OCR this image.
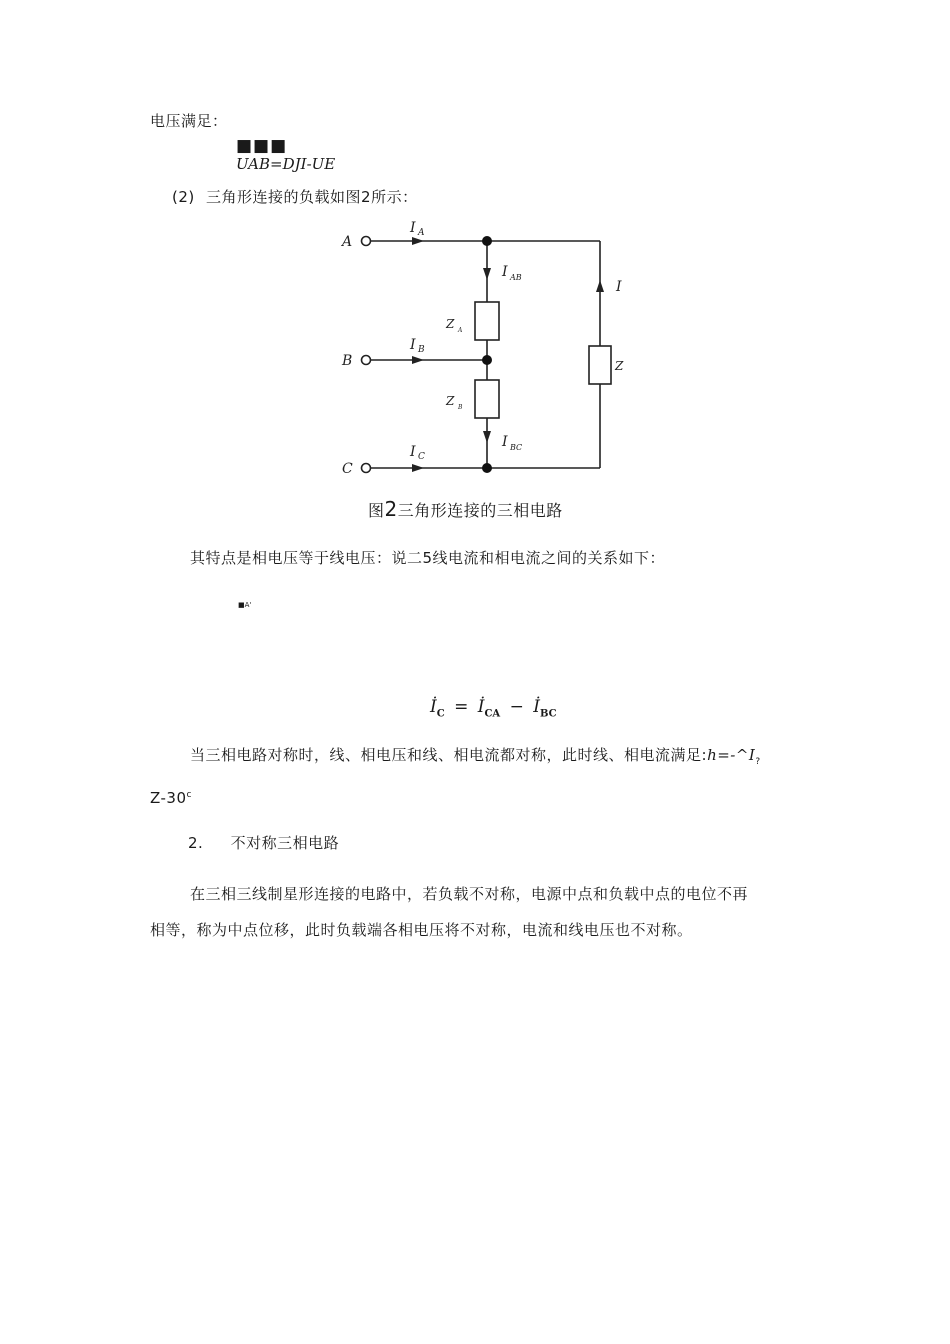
电压满足：
■■■
UAB=DJI-UE
(2) 三角形连接的负载如图2所示：
A
B
C
I A
I B
I C
I AB
I BC
I
Z A
Z B
Z
图2三角形连接的三相电路
其特点是相电压等于线电压：说二5线电流和相电流之间的关系如下：
■A'
$İ_C$ = $İ_{CA}$ − $İ_{BC}$
当三相电路对称时，线、相电压和线、相电流都对称，此时线、相电流满足$:h=-\^{}I_?$
Z-30$^c$
2. 不对称三相电路
在三相三线制星形连接的电路中，若负载不对称，电源中点和负载中点的电位不再
相等，称为中点位移，此时负载端各相电压将不对称，电流和线电压也不对称。
